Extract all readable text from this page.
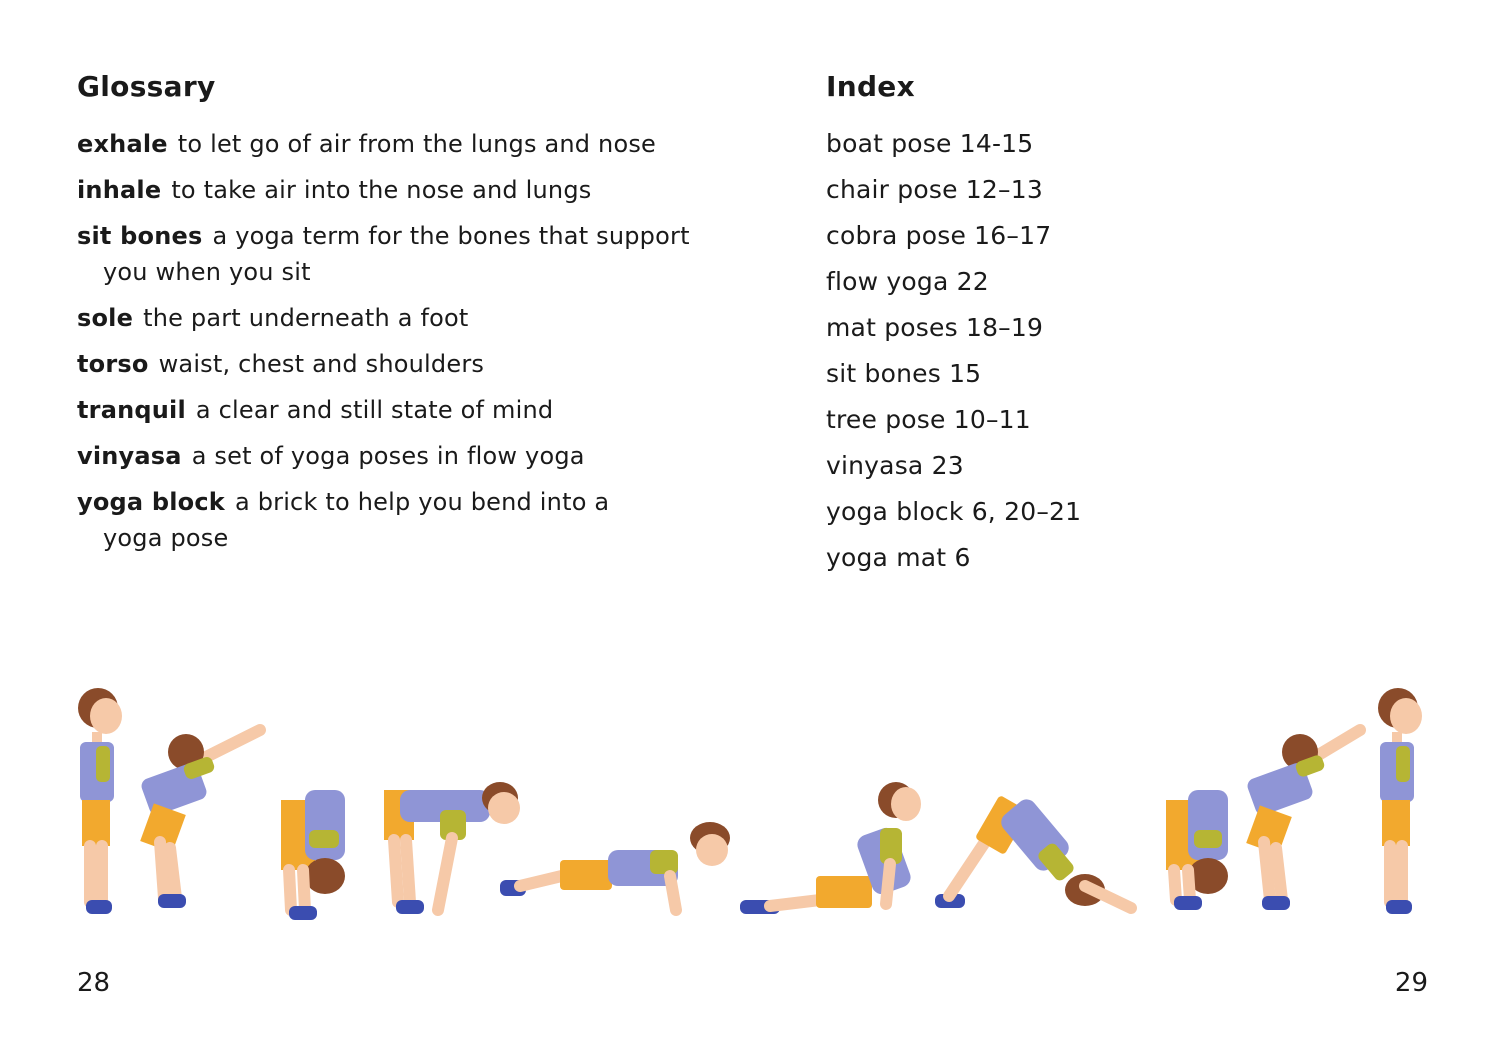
Glossary
exhale to let go of air from the lungs and nose
inhale to take air into the nose and lungs
sit bones a yoga term for the bones that support you when you sit
sole the part underneath a foot
torso waist, chest and shoulders
tranquil a clear and still state of mind
vinyasa a set of yoga poses in flow yoga
yoga block a brick to help you bend into a yoga pose
Index
boat pose 14-15
chair pose 12–13
cobra pose 16–17
flow yoga 22
mat poses 18–19
sit bones 15
tree pose 10–11
vinyasa 23
yoga block 6, 20–21
yoga mat 6

28	29
